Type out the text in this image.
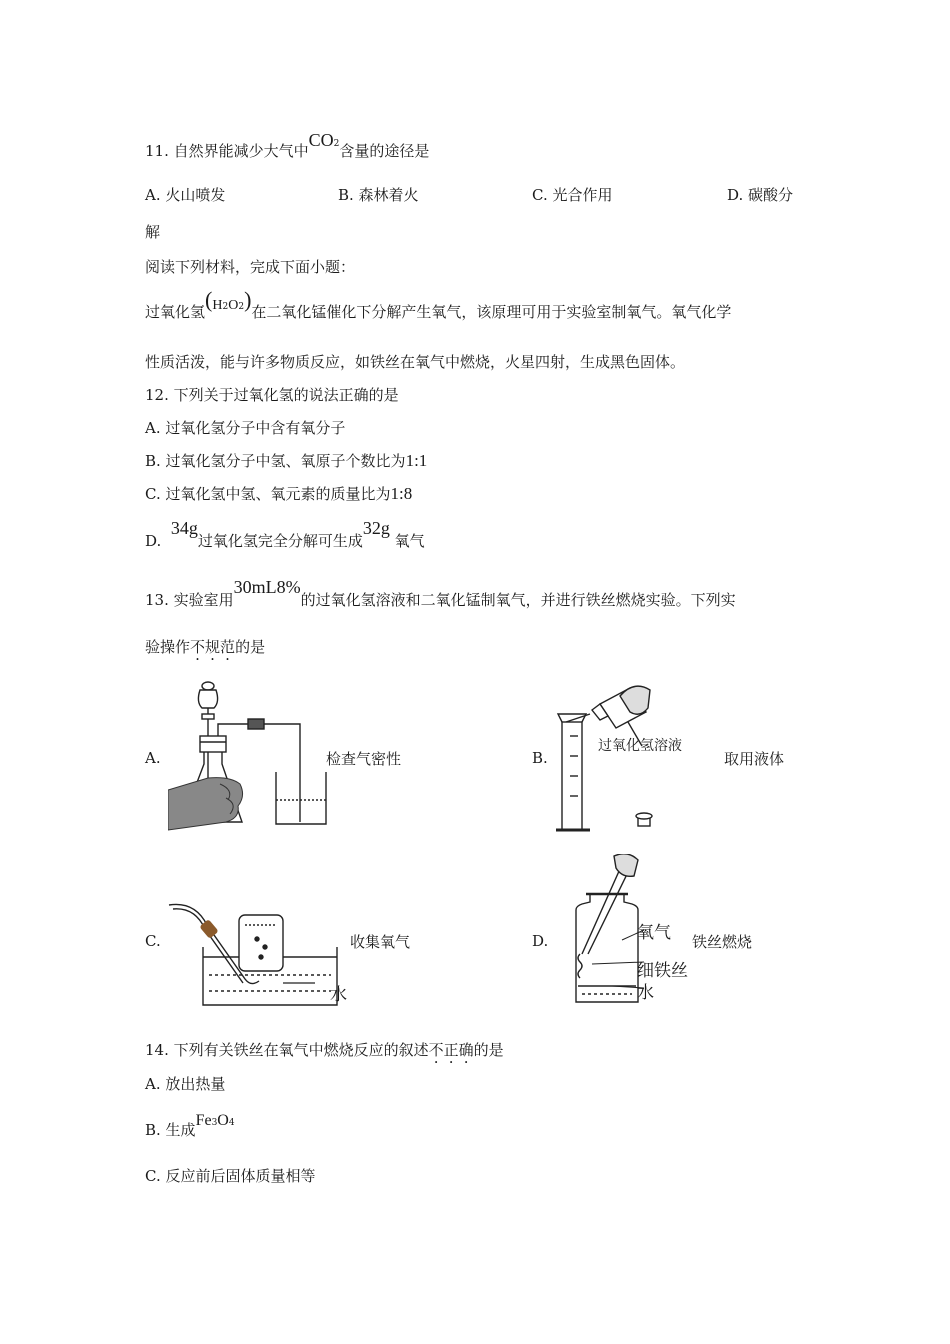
11. 自然界能减少大气中$CO^2$含量的途径是
A. 火山喷发	B. 森林着火	C. 光合作用	D. 碳酸分
解
阅读下列材料，完成下面小题：
过氧化氢$(H^2O^2)$在二氧化锰催化下分解产生氧气，该原理可用于实验室制氧气。氧气化学
性质活泼，能与许多物质反应，如铁丝在氧气中燃烧，火星四射，生成黑色固体。
12. 下列关于过氧化氢的说法正确的是
A. 过氧化氢分子中含有氧分子
B. 过氧化氢分子中氢、氧原子个数比为1:1
C. 过氧化氢中氢、氧元素的质量比为1:8
D.  34g过氧化氢完全分解可生成32g 氧气
13. 实验室用30mL8%的过氧化氢溶液和二氧化锰制氧气，并进行铁丝燃烧实验。下列实
验操作不规范的是
A.	检查气密性	B.
过氧化氢溶液
取用液体
C.
水
收集氧气	D.	氧气
细铁丝
水
铁丝燃烧
14. 下列有关铁丝在氧气中燃烧反应的叙述不正确的是
A. 放出热量
B. 生成$Fe^3O^4$
C. 反应前后固体质量相等
